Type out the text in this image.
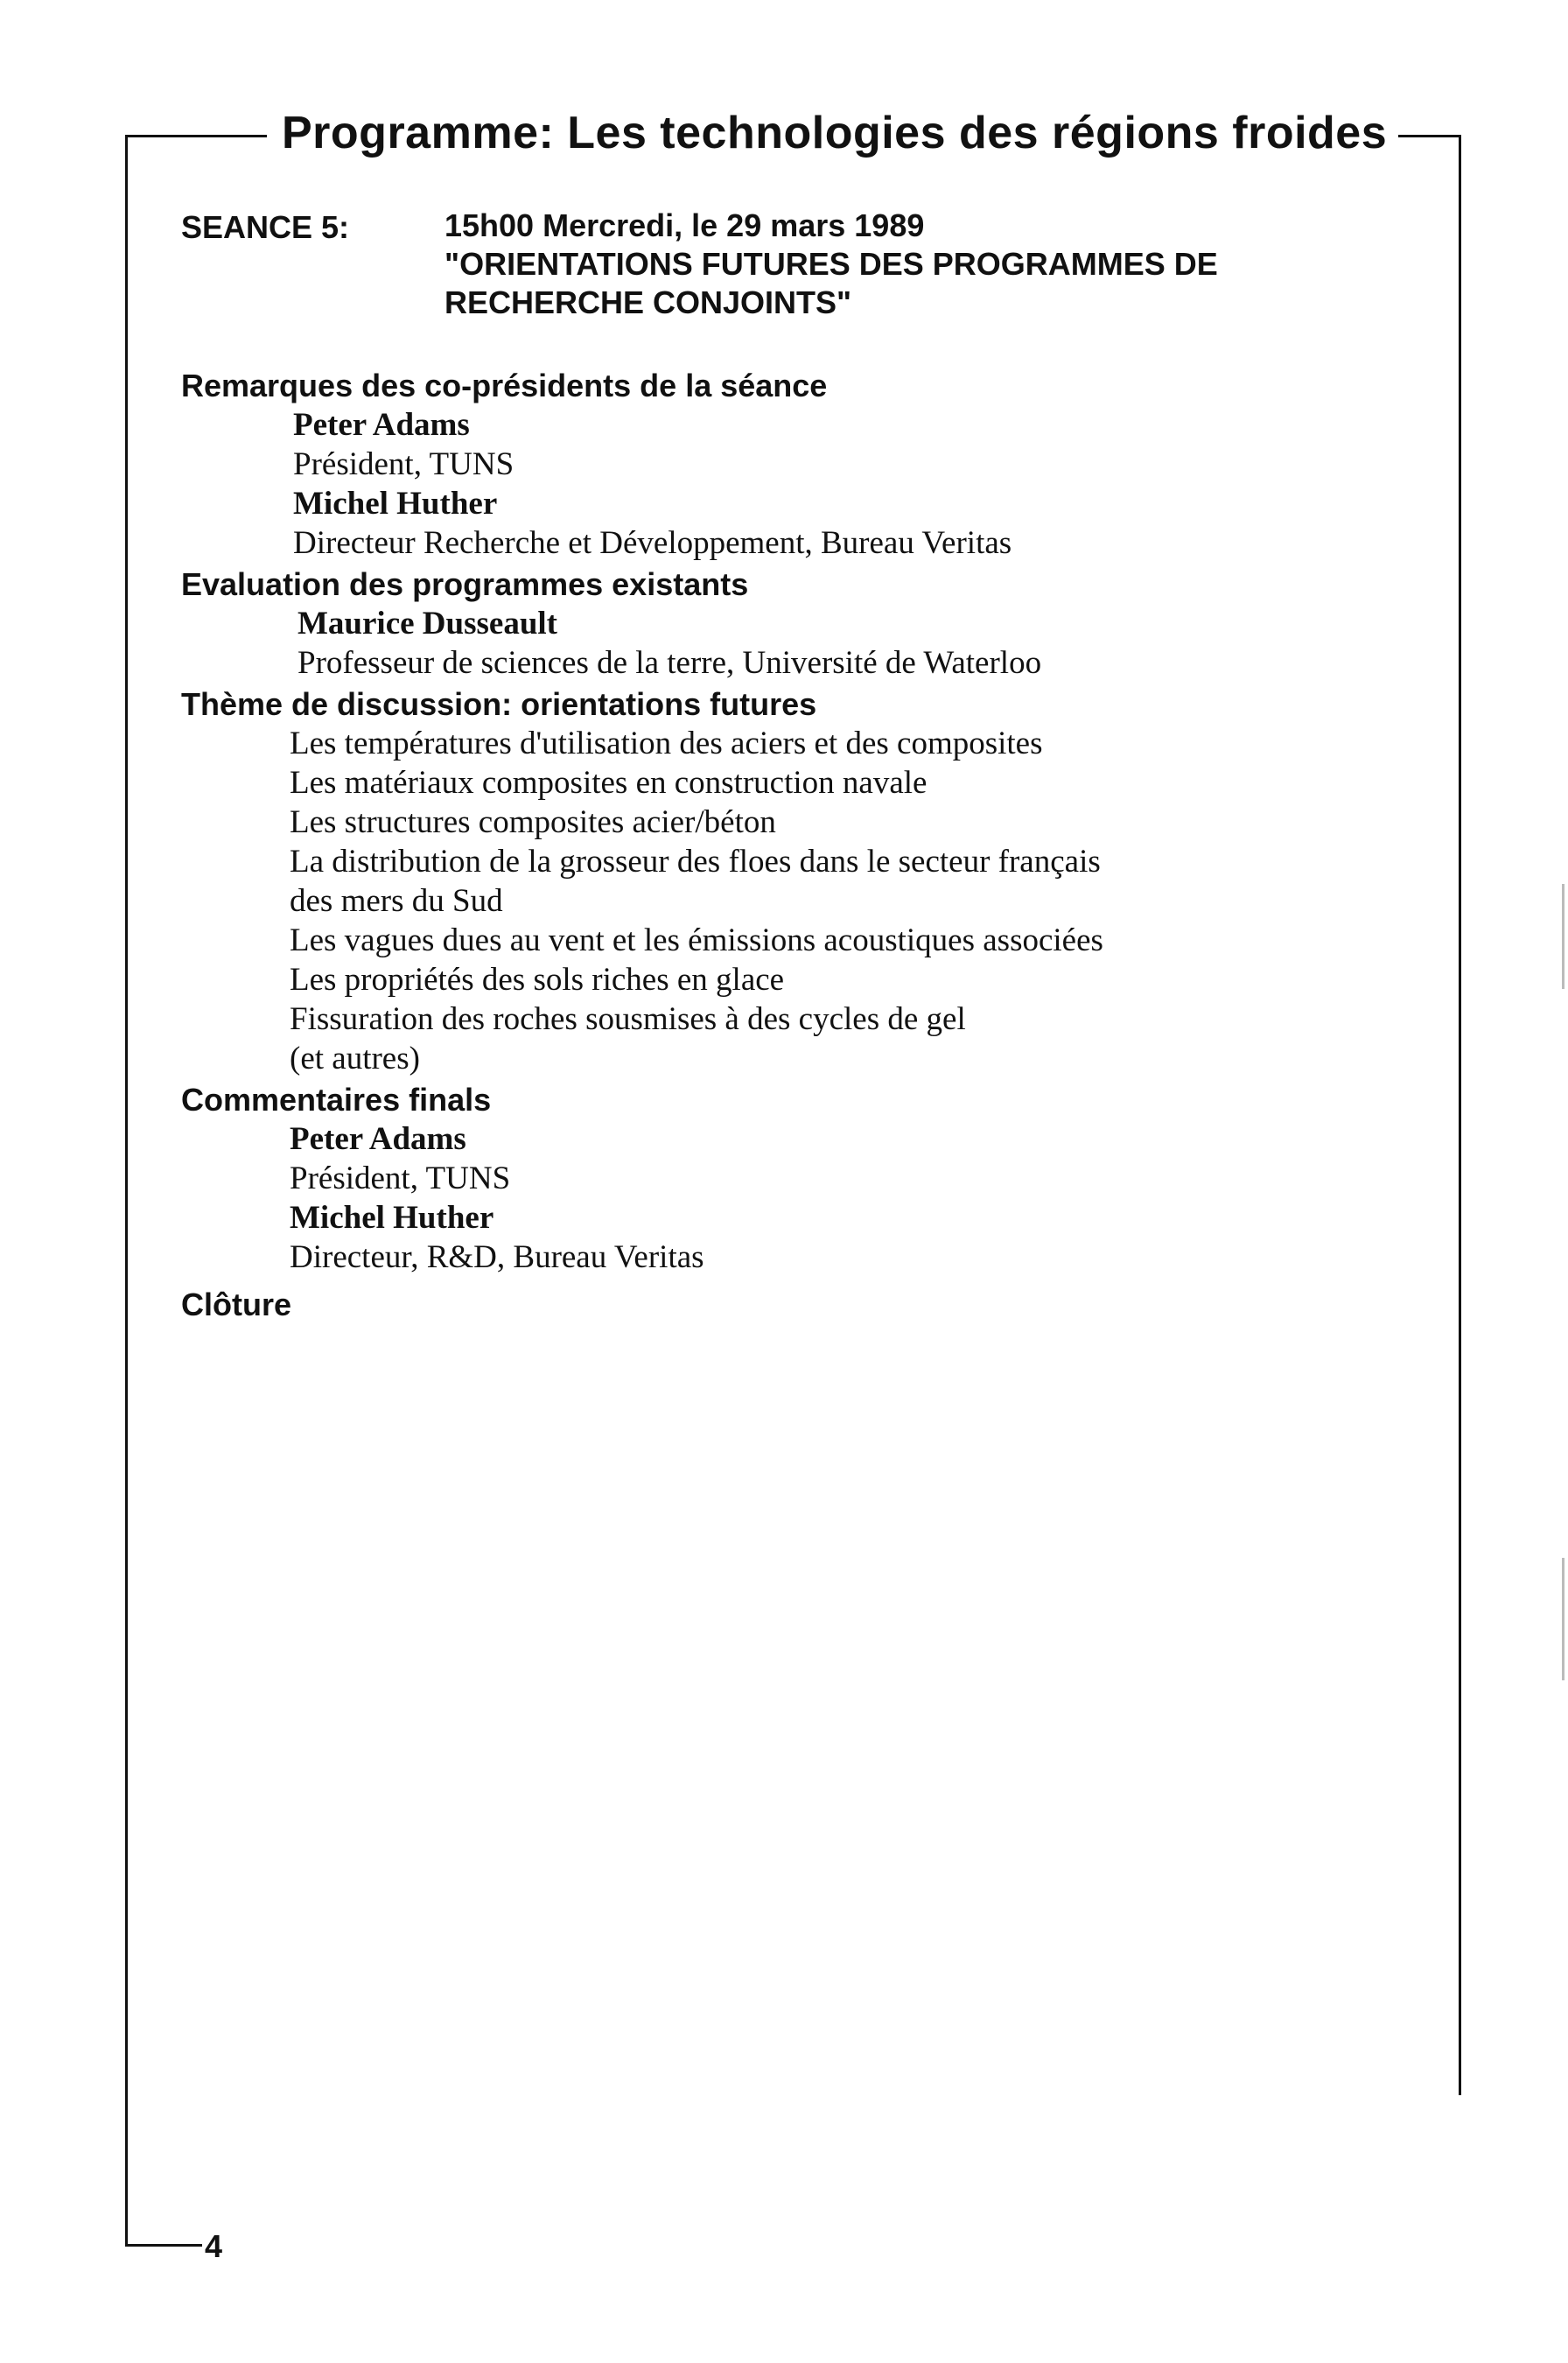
Programme: Les technologies des régions froides
SEANCE 5:	15h00 Mercredi, le 29 mars 1989
"ORIENTATIONS FUTURES DES PROGRAMMES DE
RECHERCHE CONJOINTS"
Remarques des co-présidents de la séance
Peter Adams
Président, TUNS
Michel Huther
Directeur Recherche et Développement, Bureau Veritas
Evaluation des programmes existants
Maurice Dusseault
Professeur de sciences de la terre, Université de Waterloo
Thème de discussion: orientations futures
Les températures d'utilisation des aciers et des composites
Les matériaux composites en construction navale
Les structures composites acier/béton
La distribution de la grosseur des floes dans le secteur français
des mers du Sud
Les vagues dues au vent et les émissions acoustiques associées
Les propriétés des sols riches en glace
Fissuration des roches sousmises à des cycles de gel
(et autres)
Commentaires finals
Peter Adams
Président, TUNS
Michel Huther
Directeur, R&D, Bureau Veritas
Clôture
4
